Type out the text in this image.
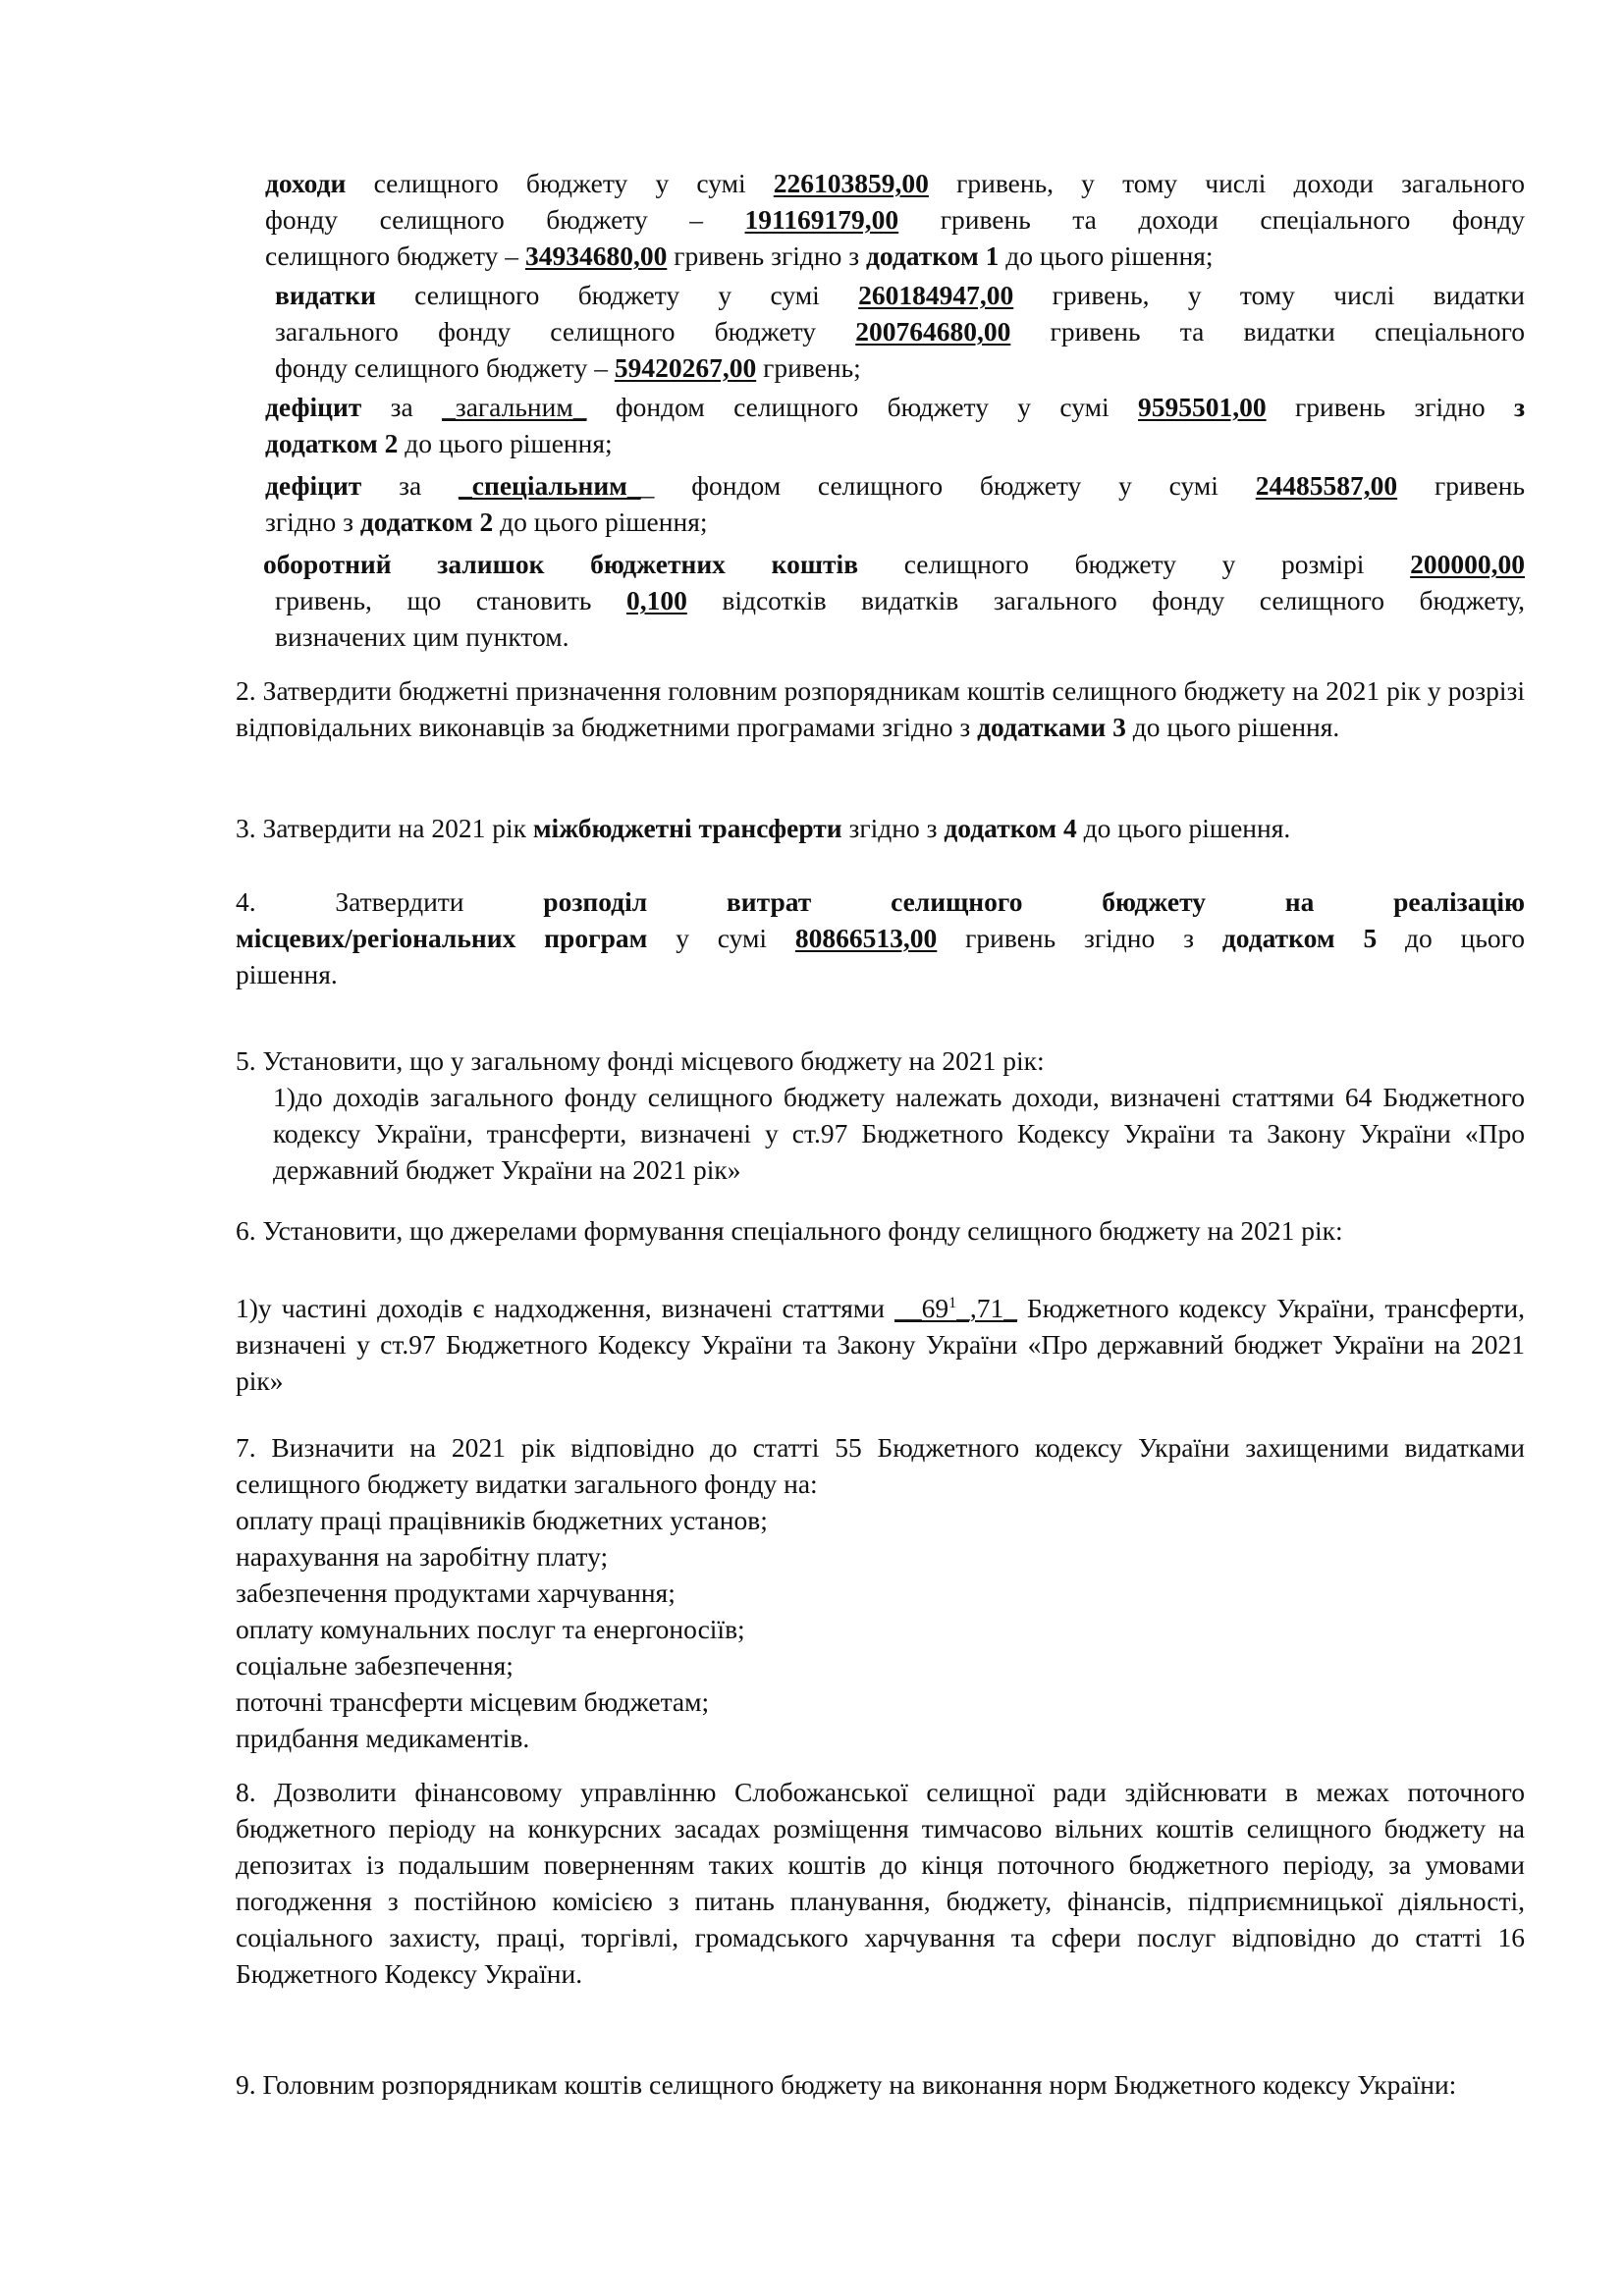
доходи селищного бюджету у сумі 226103859,00 гривень, у тому числі доходи загального
фонду селищного бюджету – 191169179,00 гривень та доходи спеціального фонду
селищного бюджету – 34934680,00 гривень згідно з додатком 1 до цього рішення;
видатки селищного бюджету у сумі 260184947,00 гривень, у тому числі видатки
загального фонду селищного бюджету 200764680,00 гривень та видатки спеціального
фонду селищного бюджету – 59420267,00 гривень;
дефіцит за _загальним_ фондом селищного бюджету у сумі 9595501,00 гривень згідно з
додатком 2 до цього рішення;
дефіцит за _спеціальним__ фондом селищного бюджету у сумі 24485587,00 гривень
згідно з додатком 2 до цього рішення;
оборотний залишок бюджетних коштів селищного бюджету у розмірі 200000,00
гривень, що становить 0,100 відсотків видатків загального фонду селищного бюджету,
визначених цим пунктом.

2. Затвердити бюджетні призначення головним розпорядникам коштів селищного бюджету на 2021 рік у розрізі відповідальних виконавців за бюджетними програмами згідно з додатками 3 до цього рішення.

3. Затвердити на 2021 рік міжбюджетні трансферти згідно з додатком 4 до цього рішення.
4.	Затвердити	розподіл	витрат	селищного	бюджету	на	реалізацію
місцевих/регіональних програм у сумі 80866513,00 гривень згідно з додатком 5 до цього
рішення.
5. Установити, що у загальному фонді місцевого бюджету на 2021 рік:

1)до доходів загального фонду селищного бюджету належать доходи, визначені статтями 64 Бюджетного кодексу України, трансферти, визначені у ст.97 Бюджетного Кодексу України та Закону України «Про державний бюджет України на 2021 рік»

6. Установити, що джерелами формування спеціального фонду селищного бюджету на 2021 рік:

1)у частині доходів є надходження, визначені статтями $\_\_69^1\_,71\_$ Бюджетного кодексу України, трансферти, визначені у ст.97 Бюджетного Кодексу України та Закону України «Про державний бюджет України на 2021 рік»

7. Визначити на 2021 рік відповідно до статті 55 Бюджетного кодексу України захищеними видатками селищного бюджету видатки загального фонду на:

оплату праці працівників бюджетних установ;
нарахування на заробітну плату;
забезпечення продуктами харчування;
оплату комунальних послуг та енергоносіїв;
соціальне забезпечення;
поточні трансферти місцевим бюджетам;
придбання медикаментів.

8. Дозволити фінансовому управлінню Слобожанської селищної ради здійснювати в межах поточного бюджетного періоду на конкурсних засадах розміщення тимчасово вільних коштів селищного бюджету на депозитах із подальшим поверненням таких коштів до кінця поточного бюджетного періоду, за умовами погодження з постійною комісією з питань планування, бюджету, фінансів, підприємницької діяльності, соціального захисту, праці, торгівлі, громадського харчування та сфери послуг відповідно до статті 16 Бюджетного Кодексу України.

9. Головним розпорядникам коштів селищного бюджету на виконання норм Бюджетного кодексу України:
